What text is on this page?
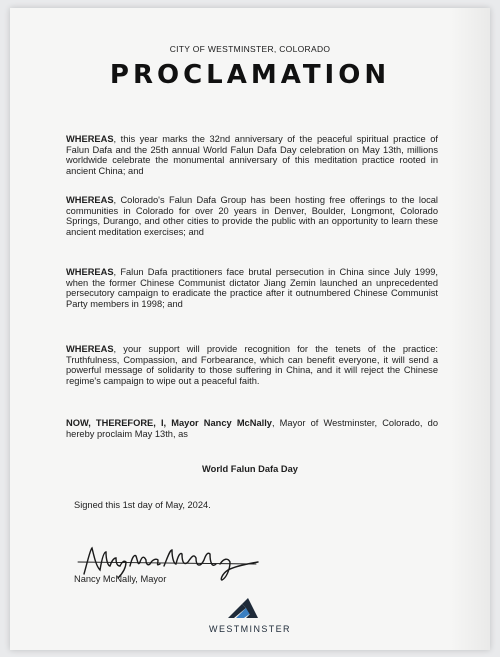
CITY OF WESTMINSTER, COLORADO
PROCLAMATION

WHEREAS, this year marks the 32nd anniversary of the peaceful spiritual practice of Falun Dafa and the 25th annual World Falun Dafa Day celebration on May 13th, millions worldwide celebrate the monumental anniversary of this meditation practice rooted in ancient China; and

WHEREAS, Colorado's Falun Dafa Group has been hosting free offerings to the local communities in Colorado for over 20 years in Denver, Boulder, Longmont, Colorado Springs, Durango, and other cities to provide the public with an opportunity to learn these ancient meditation exercises; and

WHEREAS, Falun Dafa practitioners face brutal persecution in China since July 1999, when the former Chinese Communist dictator Jiang Zemin launched an unprecedented persecutory campaign to eradicate the practice after it outnumbered Chinese Communist Party members in 1998; and

WHEREAS, your support will provide recognition for the tenets of the practice: Truthfulness, Compassion, and Forbearance, which can benefit everyone, it will send a powerful message of solidarity to those suffering in China, and it will reject the Chinese regime's campaign to wipe out a peaceful faith.

NOW, THEREFORE, I, Mayor Nancy McNally, Mayor of Westminster, Colorado, do hereby proclaim May 13th, as

World Falun Dafa Day
Signed this 1st day of May, 2024.
Nancy McNally, Mayor
WESTMINSTER
